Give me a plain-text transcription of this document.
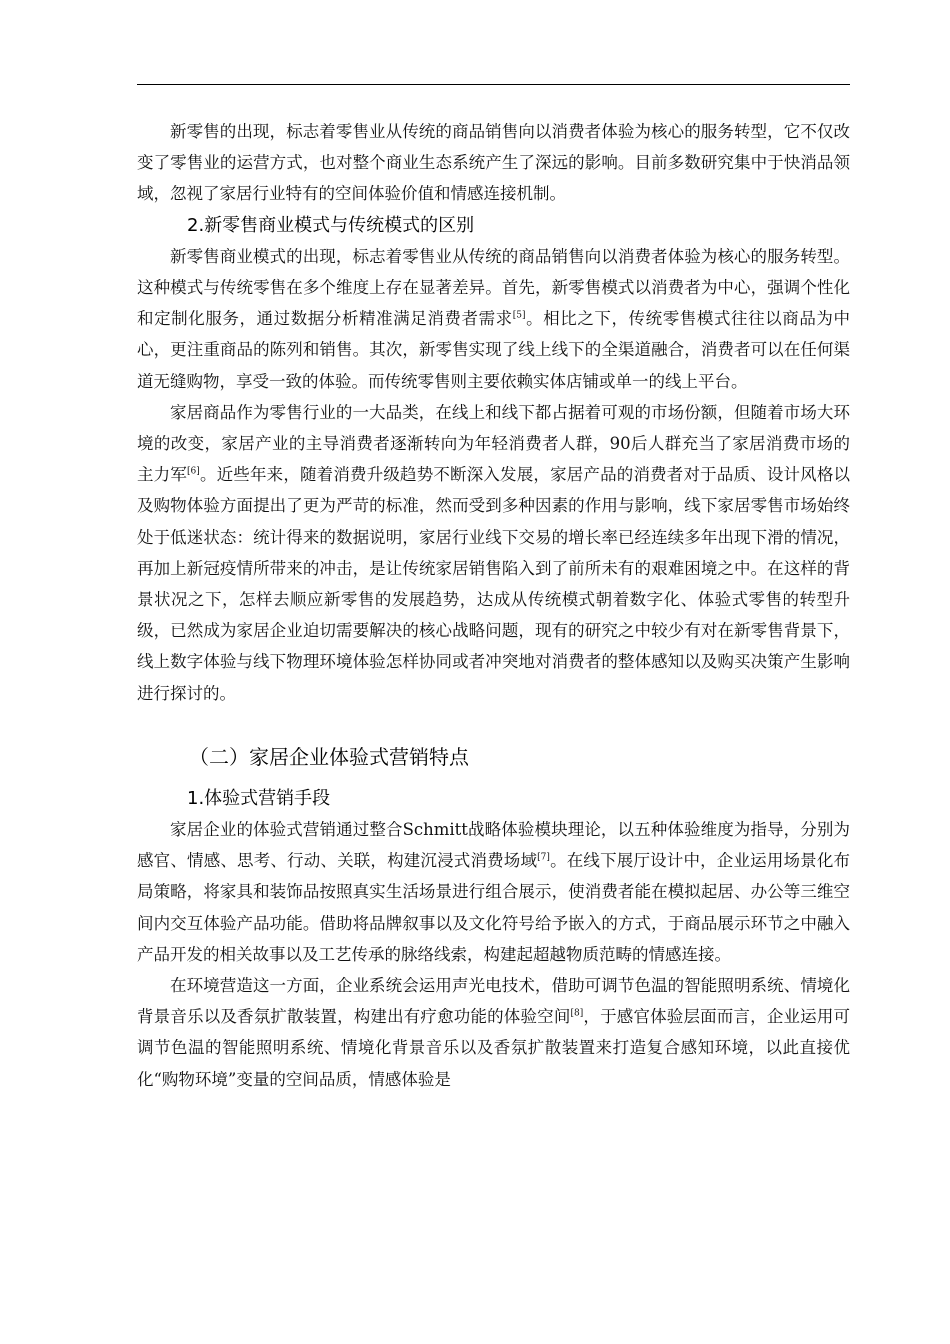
新零售的出现，标志着零售业从传统的商品销售向以消费者体验为核心的服务转型，它不仅改变了零售业的运营方式，也对整个商业生态系统产生了深远的影响。目前多数研究集中于快消品领域，忽视了家居行业特有的空间体验价值和情感连接机制。

2.新零售商业模式与传统模式的区别

新零售商业模式的出现，标志着零售业从传统的商品销售向以消费者体验为核心的服务转型。这种模式与传统零售在多个维度上存在显著差异。首先，新零售模式以消费者为中心，强调个性化和定制化服务，通过数据分析精准满足消费者需求[5]。相比之下，传统零售模式往往以商品为中心，更注重商品的陈列和销售。其次，新零售实现了线上线下的全渠道融合，消费者可以在任何渠道无缝购物，享受一致的体验。而传统零售则主要依赖实体店铺或单一的线上平台。

家居商品作为零售行业的一大品类，在线上和线下都占据着可观的市场份额，但随着市场大环境的改变，家居产业的主导消费者逐渐转向为年轻消费者人群，90后人群充当了家居消费市场的主力军[6]。近些年来，随着消费升级趋势不断深入发展，家居产品的消费者对于品质、设计风格以及购物体验方面提出了更为严苛的标准，然而受到多种因素的作用与影响，线下家居零售市场始终处于低迷状态：统计得来的数据说明，家居行业线下交易的增长率已经连续多年出现下滑的情况，再加上新冠疫情所带来的冲击，是让传统家居销售陷入到了前所未有的艰难困境之中。在这样的背景状况之下，怎样去顺应新零售的发展趋势，达成从传统模式朝着数字化、体验式零售的转型升级，已然成为家居企业迫切需要解决的核心战略问题，现有的研究之中较少有对在新零售背景下，线上数字体验与线下物理环境体验怎样协同或者冲突地对消费者的整体感知以及购买决策产生影响进行探讨的。

（二）家居企业体验式营销特点

1.体验式营销手段

家居企业的体验式营销通过整合Schmitt战略体验模块理论，以五种体验维度为指导，分别为感官、情感、思考、行动、关联，构建沉浸式消费场域[7]。在线下展厅设计中，企业运用场景化布局策略，将家具和装饰品按照真实生活场景进行组合展示，使消费者能在模拟起居、办公等三维空间内交互体验产品功能。借助将品牌叙事以及文化符号给予嵌入的方式，于商品展示环节之中融入产品开发的相关故事以及工艺传承的脉络线索，构建起超越物质范畴的情感连接。

在环境营造这一方面，企业系统会运用声光电技术，借助可调节色温的智能照明系统、情境化背景音乐以及香氛扩散装置，构建出有疗愈功能的体验空间[8]，于感官体验层面而言，企业运用可调节色温的智能照明系统、情境化背景音乐以及香氛扩散装置来打造复合感知环境，以此直接优化“购物环境”变量的空间品质，情感体验是
